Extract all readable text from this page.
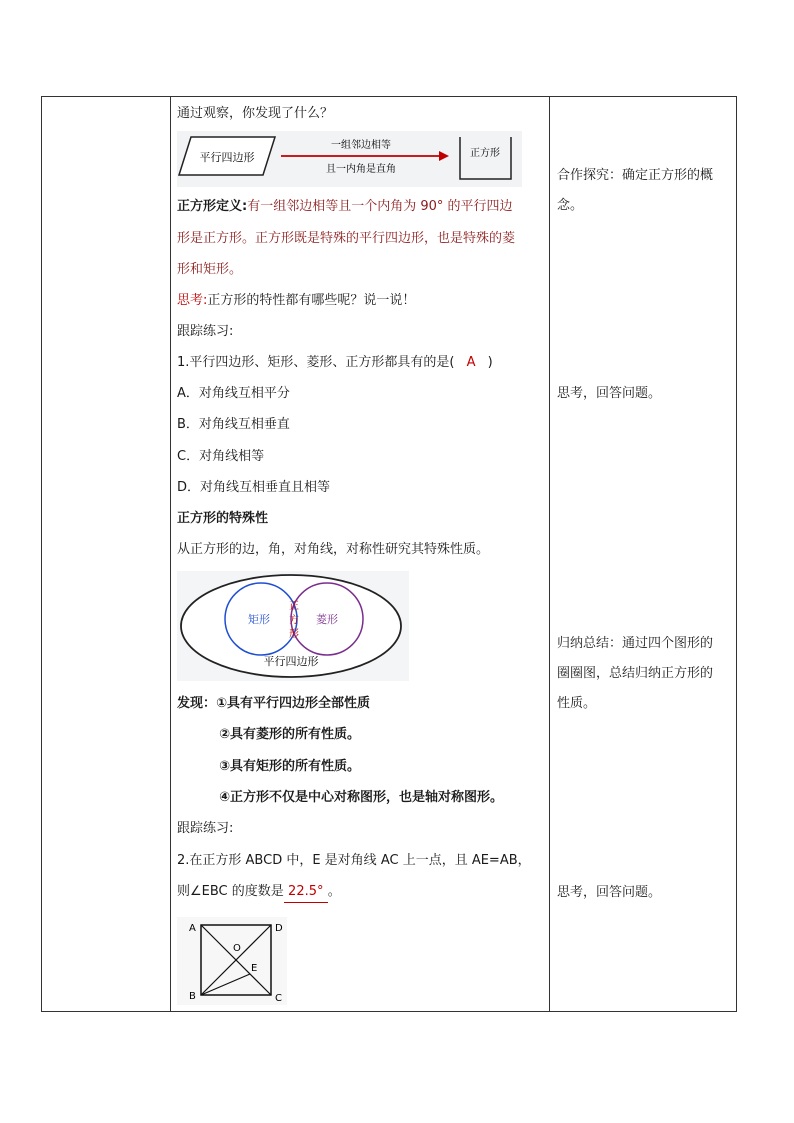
通过观察，你发现了什么？
平行四边形
一组邻边相等
且一内角是直角
正方形
正方形定义:有一组邻边相等且一个内角为 90° 的平行四边
形是正方形。正方形既是特殊的平行四边形，也是特殊的菱
形和矩形。
思考:正方形的特性都有哪些呢？说一说！
跟踪练习:
1.平行四边形、矩形、菱形、正方形都具有的是( A )
A．对角线互相平分
B．对角线互相垂直
C．对角线相等
D．对角线互相垂直且相等
正方形的特殊性
从正方形的边，角，对角线，对称性研究其特殊性质。
矩形	菱形
正
方
形
平行四边形
发现：①具有平行四边形全部性质
②具有菱形的所有性质。
③具有矩形的所有性质。
④正方形不仅是中心对称图形，也是轴对称图形。
跟踪练习:
2.在正方形 ABCD 中，E 是对角线 AC 上一点，且 AE=AB，
则∠EBC 的度数是 22.5° 。
A	D
B	C
O
E
合作探究：确定正方形的概
念。
思考，回答问题。
归纳总结：通过四个图形的
圈圈图，总结归纳正方形的
性质。
思考，回答问题。
